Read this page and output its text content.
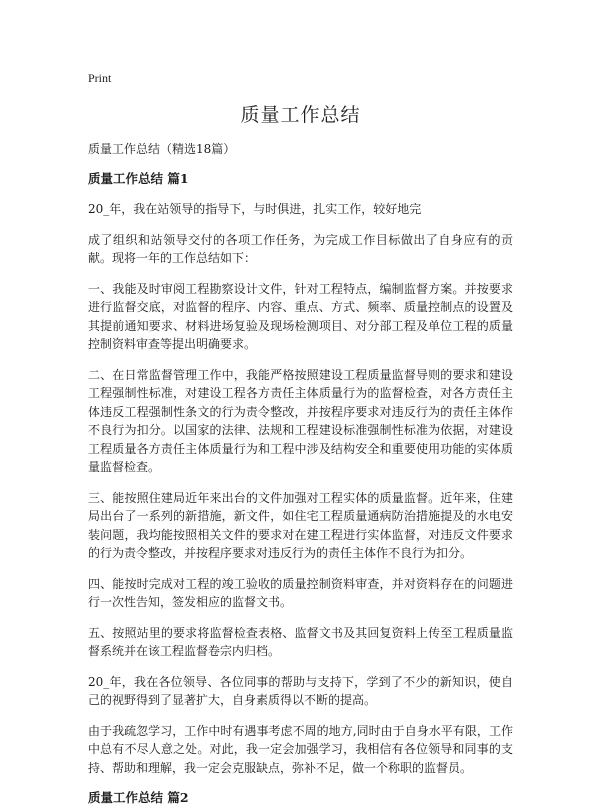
Print
质量工作总结
质量工作总结（精选18篇）
质量工作总结 篇1

20_年，我在站领导的指导下，与时俱进，扎实工作，较好地完

成了组织和站领导交付的各项工作任务，为完成工作目标做出了自身应有的贡献。现将一年的工作总结如下：

一、我能及时审阅工程勘察设计文件，针对工程特点，编制监督方案。并按要求进行监督交底，对监督的程序、内容、重点、方式、频率、质量控制点的设置及其提前通知要求、材料进场复验及现场检测项目、对分部工程及单位工程的质量控制资料审查等提出明确要求。

二、在日常监督管理工作中，我能严格按照建设工程质量监督导则的要求和建设工程强制性标准，对建设工程各方责任主体质量行为的监督检查，对各方责任主体违反工程强制性条文的行为责令整改，并按程序要求对违反行为的责任主体作不良行为扣分。以国家的法律、法规和工程建设标准强制性标准为依据，对建设工程质量各方责任主体质量行为和工程中涉及结构安全和重要使用功能的实体质量监督检查。

三、能按照住建局近年来出台的文件加强对工程实体的质量监督。近年来，住建局出台了一系列的新措施，新文件，如住宅工程质量通病防治措施提及的水电安装问题，我均能按照相关文件的要求对在建工程进行实体监督，对违反文件要求的行为责令整改，并按程序要求对违反行为的责任主体作不良行为扣分。

四、能按时完成对工程的竣工验收的质量控制资料审查，并对资料存在的问题进行一次性告知，签发相应的监督文书。

五、按照站里的要求将监督检查表格、监督文书及其回复资料上传至工程质量监督系统并在该工程监督卷宗内归档。

20_年，我在各位领导、各位同事的帮助与支持下，学到了不少的新知识，使自己的视野得到了显著扩大，自身素质得以不断的提高。

由于我疏忽学习，工作中时有遇事考虑不周的地方,同时由于自身水平有限，工作中总有不尽人意之处。对此，我一定会加强学习，我相信有各位领导和同事的支持、帮助和理解，我一定会克服缺点，弥补不足，做一个称职的监督员。

质量工作总结 篇2
